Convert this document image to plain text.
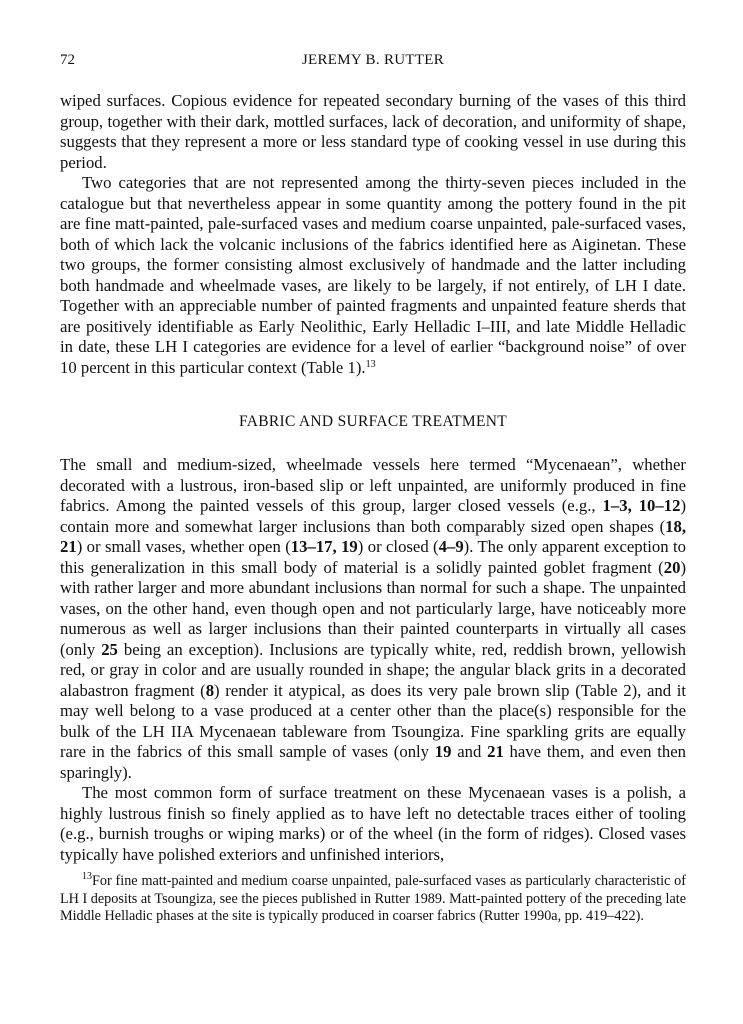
72	JEREMY B. RUTTER

wiped surfaces. Copious evidence for repeated secondary burning of the vases of this third group, together with their dark, mottled surfaces, lack of decoration, and uniformity of shape, suggests that they represent a more or less standard type of cooking vessel in use during this period.

Two categories that are not represented among the thirty-seven pieces included in the catalogue but that nevertheless appear in some quantity among the pottery found in the pit are fine matt-painted, pale-surfaced vases and medium coarse unpainted, pale-surfaced vases, both of which lack the volcanic inclusions of the fabrics identified here as Aiginetan. These two groups, the former consisting almost exclusively of handmade and the latter including both handmade and wheelmade vases, are likely to be largely, if not entirely, of LH I date. Together with an appreciable number of painted fragments and unpainted feature sherds that are positively identifiable as Early Neolithic, Early Helladic I–III, and late Middle Helladic in date, these LH I categories are evidence for a level of earlier “background noise” of over 10 percent in this particular context (Table 1).$^{13}$

FABRIC AND SURFACE TREATMENT

The small and medium-sized, wheelmade vessels here termed “Mycenaean”, whether decorated with a lustrous, iron-based slip or left unpainted, are uniformly produced in fine fabrics. Among the painted vessels of this group, larger closed vessels (e.g., 1–3, 10–12) contain more and somewhat larger inclusions than both comparably sized open shapes (18, 21) or small vases, whether open (13–17, 19) or closed (4–9). The only apparent exception to this generalization in this small body of material is a solidly painted goblet fragment (20) with rather larger and more abundant inclusions than normal for such a shape. The unpainted vases, on the other hand, even though open and not particularly large, have noticeably more numerous as well as larger inclusions than their painted counterparts in virtually all cases (only 25 being an exception). Inclusions are typically white, red, reddish brown, yellowish red, or gray in color and are usually rounded in shape; the angular black grits in a decorated alabastron fragment (8) render it atypical, as does its very pale brown slip (Table 2), and it may well belong to a vase produced at a center other than the place(s) responsible for the bulk of the LH IIA Mycenaean tableware from Tsoungiza. Fine sparkling grits are equally rare in the fabrics of this small sample of vases (only 19 and 21 have them, and even then sparingly).

The most common form of surface treatment on these Mycenaean vases is a polish, a highly lustrous finish so finely applied as to have left no detectable traces either of tooling (e.g., burnish troughs or wiping marks) or of the wheel (in the form of ridges). Closed vases typically have polished exteriors and unfinished interiors,

$^{13}$For fine matt-painted and medium coarse unpainted, pale-surfaced vases as particularly characteristic of LH I deposits at Tsoungiza, see the pieces published in Rutter 1989. Matt-painted pottery of the preceding late Middle Helladic phases at the site is typically produced in coarser fabrics (Rutter 1990a, pp. 419–422).
